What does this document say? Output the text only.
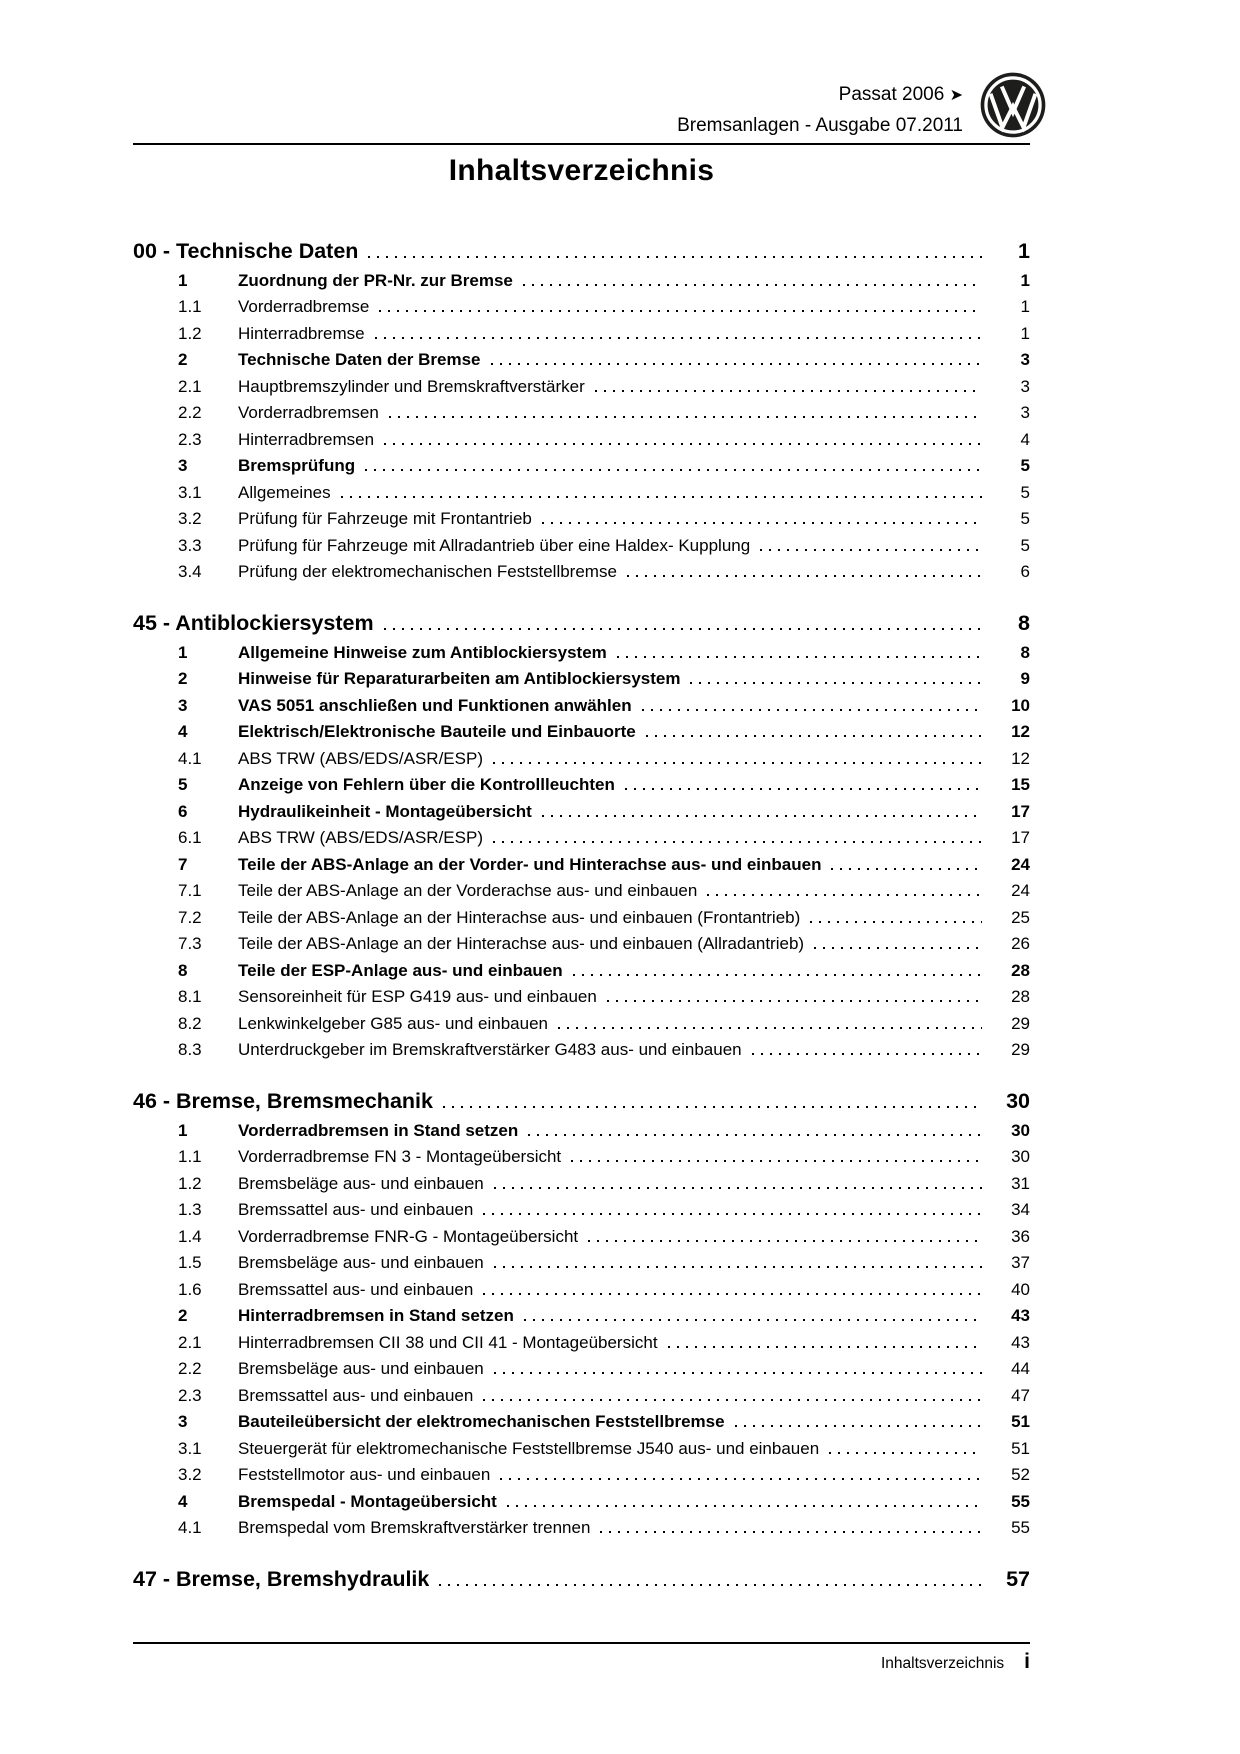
Passat 2006 ➤
Bremsanlagen - Ausgabe 07.2011
Inhaltsverzeichnis
00 - Technische Daten	1
1	Zuordnung der PR-Nr. zur Bremse	1
1.1	Vorderradbremse	1
1.2	Hinterradbremse	1
2	Technische Daten der Bremse	3
2.1	Hauptbremszylinder und Bremskraftverstärker	3
2.2	Vorderradbremsen	3
2.3	Hinterradbremsen	4
3	Bremsprüfung	5
3.1	Allgemeines	5
3.2	Prüfung für Fahrzeuge mit Frontantrieb	5
3.3	Prüfung für Fahrzeuge mit Allradantrieb über eine Haldex- Kupplung	5
3.4	Prüfung der elektromechanischen Feststellbremse	6
45 - Antiblockiersystem	8
1	Allgemeine Hinweise zum Antiblockiersystem	8
2	Hinweise für Reparaturarbeiten am Antiblockiersystem	9
3	VAS 5051 anschließen und Funktionen anwählen	10
4	Elektrisch/Elektronische Bauteile und Einbauorte	12
4.1	ABS TRW (ABS/EDS/ASR/ESP)	12
5	Anzeige von Fehlern über die Kontrollleuchten	15
6	Hydraulikeinheit - Montageübersicht	17
6.1	ABS TRW (ABS/EDS/ASR/ESP)	17
7	Teile der ABS-Anlage an der Vorder- und Hinterachse aus- und einbauen	24
7.1	Teile der ABS-Anlage an der Vorderachse aus- und einbauen	24
7.2	Teile der ABS-Anlage an der Hinterachse aus- und einbauen (Frontantrieb)	25
7.3	Teile der ABS-Anlage an der Hinterachse aus- und einbauen (Allradantrieb)	26
8	Teile der ESP-Anlage aus- und einbauen	28
8.1	Sensoreinheit für ESP G419 aus- und einbauen	28
8.2	Lenkwinkelgeber G85 aus- und einbauen	29
8.3	Unterdruckgeber im Bremskraftverstärker G483 aus- und einbauen	29
46 - Bremse, Bremsmechanik	30
1	Vorderradbremsen in Stand setzen	30
1.1	Vorderradbremse FN 3 - Montageübersicht	30
1.2	Bremsbeläge aus- und einbauen	31
1.3	Bremssattel aus- und einbauen	34
1.4	Vorderradbremse FNR-G - Montageübersicht	36
1.5	Bremsbeläge aus- und einbauen	37
1.6	Bremssattel aus- und einbauen	40
2	Hinterradbremsen in Stand setzen	43
2.1	Hinterradbremsen CII 38 und CII 41 - Montageübersicht	43
2.2	Bremsbeläge aus- und einbauen	44
2.3	Bremssattel aus- und einbauen	47
3	Bauteileübersicht der elektromechanischen Feststellbremse	51
3.1	Steuergerät für elektromechanische Feststellbremse J540 aus- und einbauen	51
3.2	Feststellmotor aus- und einbauen	52
4	Bremspedal - Montageübersicht	55
4.1	Bremspedal vom Bremskraftverstärker trennen	55
47 - Bremse, Bremshydraulik	57
Inhaltsverzeichnis i
